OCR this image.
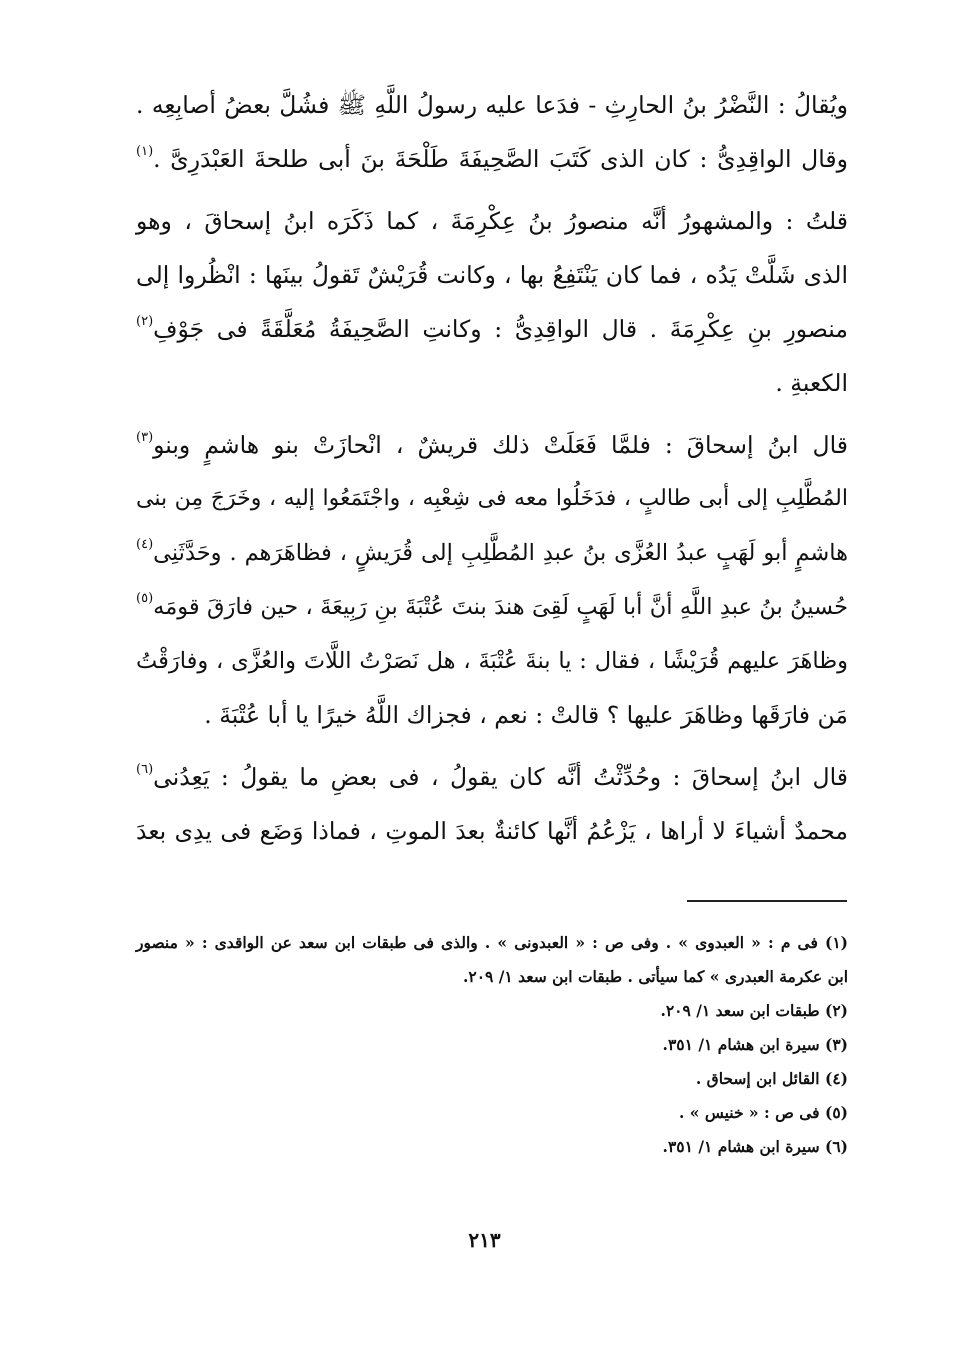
ويُقالُ : النَّضْرُ بنُ الحارِثِ - فدَعا عليه رسولُ اللَّهِ ﷺ فشُلَّ بعضُ أصابِعِه .
وقال الواقِدِىُّ : كان الذى كَتَبَ الصَّحِيفَةَ طَلْحَةَ بنَ أبى طلحةَ العَبْدَرِىَّ .$^{(١)}$
قلتُ : والمشهورُ أنَّه منصورُ بنُ عِكْرِمَةَ ، كما ذَكَرَه ابنُ إسحاقَ ، وهو
الذى شَلَّتْ يَدُه ، فما كان يَنْتَفِعُ بها ، وكانت قُرَيْشٌ تَقولُ بينَها : انْظُروا إلى
منصورِ بنِ عِكْرِمَةَ . قال الواقِدِىُّ : وكانتِ الصَّحِيفَةُ مُعَلَّقَةً فى جَوْفِ$^{(٢)}$
الكعبةِ .
قال ابنُ إسحاقَ : فلمَّا فَعَلَتْ ذلك قريشٌ ، انْحازَتْ بنو هاشمٍ وبنو$^{(٣)}$
المُطَّلِبِ إلى أبى طالبٍ ، فدَخَلُوا معه فى شِعْبِه ، واجْتَمَعُوا إليه ، وخَرَجَ مِن بنى
هاشمٍ أبو لَهَبٍ عبدُ العُزَّى بنُ عبدِ المُطَّلِبِ إلى قُرَيشٍ ، فظاهَرَهم . وحَدَّثَنِى$^{(٤)}$
حُسينُ بنُ عبدِ اللَّهِ أنَّ أبا لَهَبٍ لَقِىَ هندَ بنتَ عُتْبَةَ بنِ رَبِيعَةَ ، حين فارَقَ قومَه$^{(٥)}$
وظاهَرَ عليهم قُرَيْشًا ، فقال : يا بنةَ عُتْبَةَ ، هل نَصَرْتُ اللَّاتَ والعُزَّى ، وفارَقْتُ
مَن فارَقَها وظاهَرَ عليها ؟ قالتْ : نعم ، فجزاك اللَّهُ خيرًا يا أبا عُتْبَةَ .
قال ابنُ إسحاقَ : وحُدِّثْتُ أنَّه كان يقولُ ، فى بعضِ ما يقولُ : يَعِدُنى$^{(٦)}$
محمدٌ أشياءَ لا أراها ، يَزْعُمُ أنَّها كائنةٌ بعدَ الموتِ ، فماذا وَضَع فى يدِى بعدَ
(١) فى م : « العبدوى » . وفى ص : « العبدونى » . والذى فى طبقات ابن سعد عن الواقدى : « منصور
ابن عكرمة العبدرى » كما سيأتى . طبقات ابن سعد ١/ ٢٠٩.
(٢) طبقات ابن سعد ١/ ٢٠٩.
(٣) سيرة ابن هشام ١/ ٣٥١.
(٤) القائل ابن إسحاق .
(٥) فى ص : « خنيس » .
(٦) سيرة ابن هشام ١/ ٣٥١.
٢١٣
